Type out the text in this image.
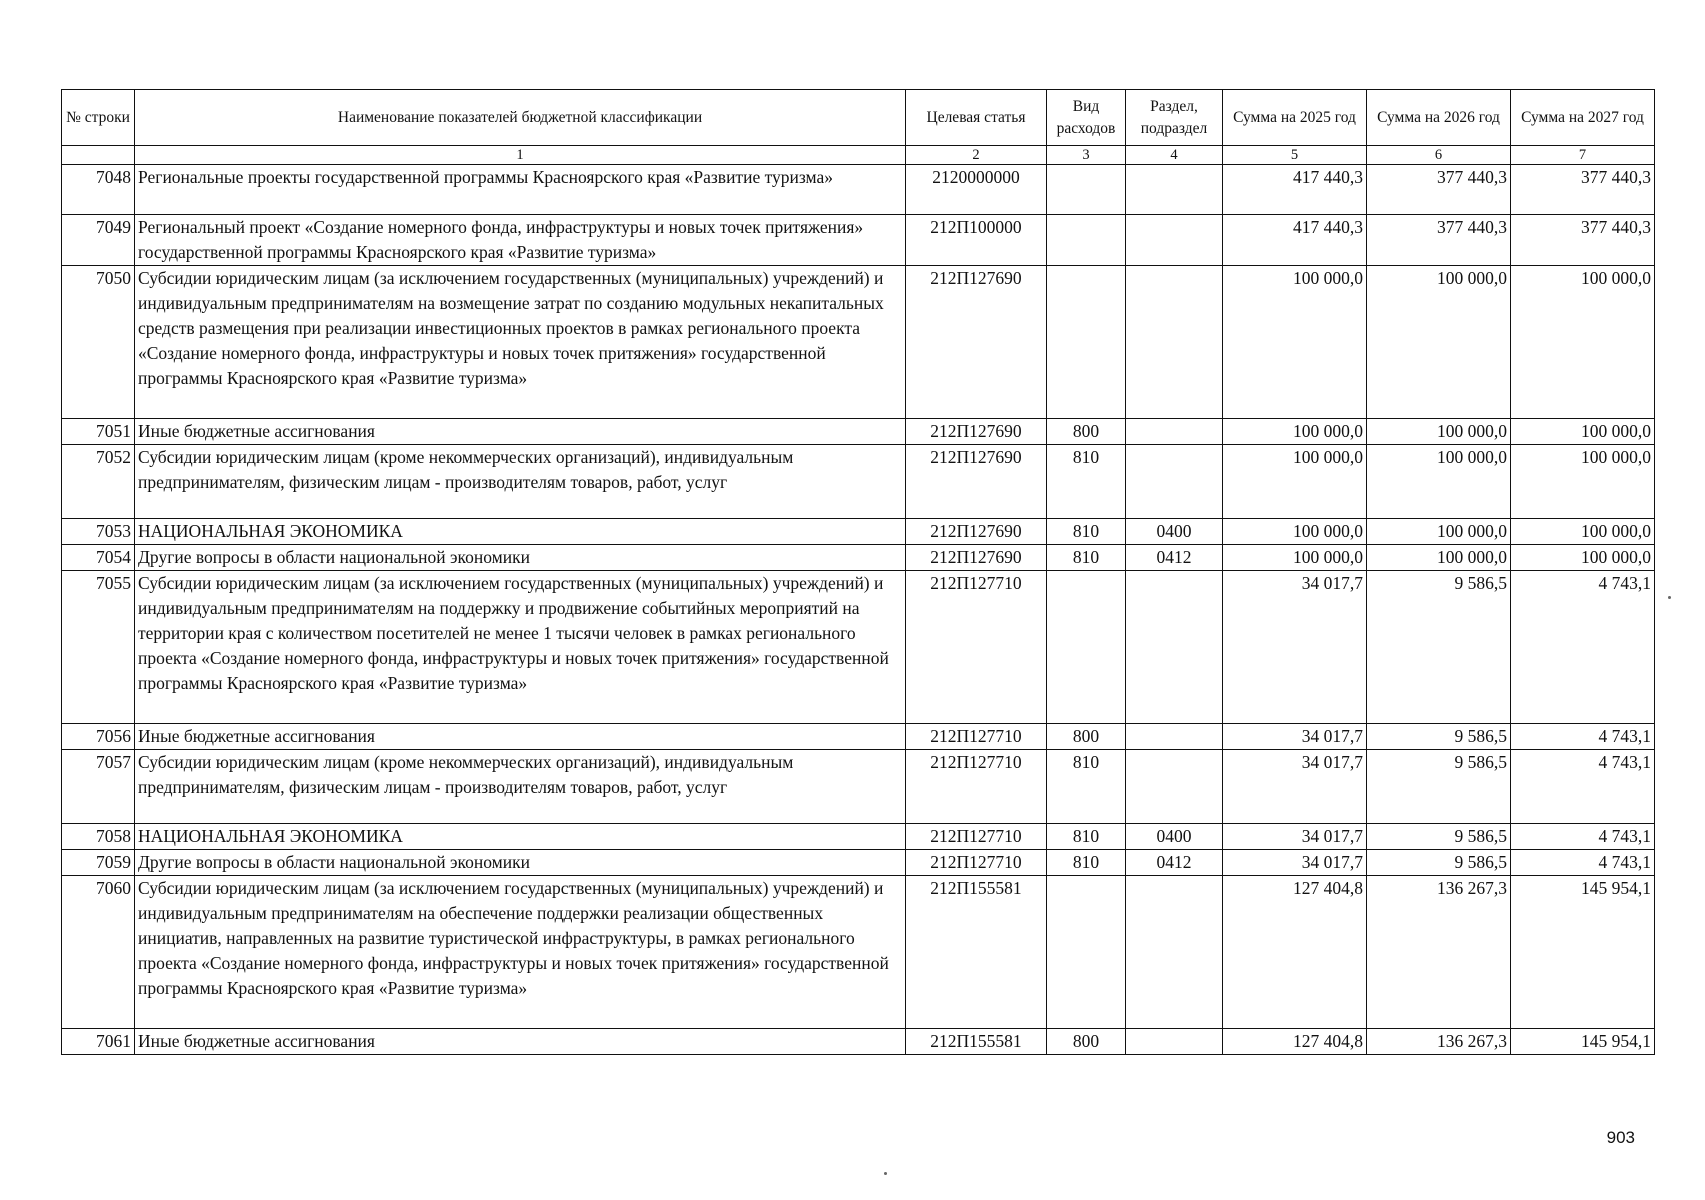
№ строки	Наименование показателей бюджетной классификации	Целевая статья	Вид расходов	Раздел, подраздел	Сумма на 2025 год	Сумма на 2026 год	Сумма на 2027 год
	1	2	3	4	5	6	7
7048	Региональные проекты государственной программы Красноярского края «Развитие туризма»	2120000000			417 440,3	377 440,3	377 440,3
7049	Региональный проект «Создание номерного фонда, инфраструктуры и новых точек притяжения» государственной программы Красноярского края «Развитие туризма»	212П100000			417 440,3	377 440,3	377 440,3
7050	Субсидии юридическим лицам (за исключением государственных (муниципальных) учреждений) и индивидуальным предпринимателям на возмещение затрат по созданию модульных некапитальных средств размещения при реализации инвестиционных проектов в рамках регионального проекта «Создание номерного фонда, инфраструктуры и новых точек притяжения» государственной программы Красноярского края «Развитие туризма»	212П127690			100 000,0	100 000,0	100 000,0
7051	Иные бюджетные ассигнования	212П127690	800		100 000,0	100 000,0	100 000,0
7052	Субсидии юридическим лицам (кроме некоммерческих организаций), индивидуальным предпринимателям, физическим лицам - производителям товаров, работ, услуг	212П127690	810		100 000,0	100 000,0	100 000,0
7053	НАЦИОНАЛЬНАЯ ЭКОНОМИКА	212П127690	810	0400	100 000,0	100 000,0	100 000,0
7054	Другие вопросы в области национальной экономики	212П127690	810	0412	100 000,0	100 000,0	100 000,0
7055	Субсидии юридическим лицам (за исключением государственных (муниципальных) учреждений) и индивидуальным предпринимателям на поддержку и продвижение событийных мероприятий на территории края с количеством посетителей не менее 1 тысячи человек в рамках регионального проекта «Создание номерного фонда, инфраструктуры и новых точек притяжения» государственной программы Красноярского края «Развитие туризма»	212П127710			34 017,7	9 586,5	4 743,1
7056	Иные бюджетные ассигнования	212П127710	800		34 017,7	9 586,5	4 743,1
7057	Субсидии юридическим лицам (кроме некоммерческих организаций), индивидуальным предпринимателям, физическим лицам - производителям товаров, работ, услуг	212П127710	810		34 017,7	9 586,5	4 743,1
7058	НАЦИОНАЛЬНАЯ ЭКОНОМИКА	212П127710	810	0400	34 017,7	9 586,5	4 743,1
7059	Другие вопросы в области национальной экономики	212П127710	810	0412	34 017,7	9 586,5	4 743,1
7060	Субсидии юридическим лицам (за исключением государственных (муниципальных) учреждений) и индивидуальным предпринимателям на обеспечение поддержки реализации общественных инициатив, направленных на развитие туристической инфраструктуры, в рамках регионального проекта «Создание номерного фонда, инфраструктуры и новых точек притяжения» государственной программы Красноярского края «Развитие туризма»	212П155581			127 404,8	136 267,3	145 954,1
7061	Иные бюджетные ассигнования	212П155581	800		127 404,8	136 267,3	145 954,1
903
